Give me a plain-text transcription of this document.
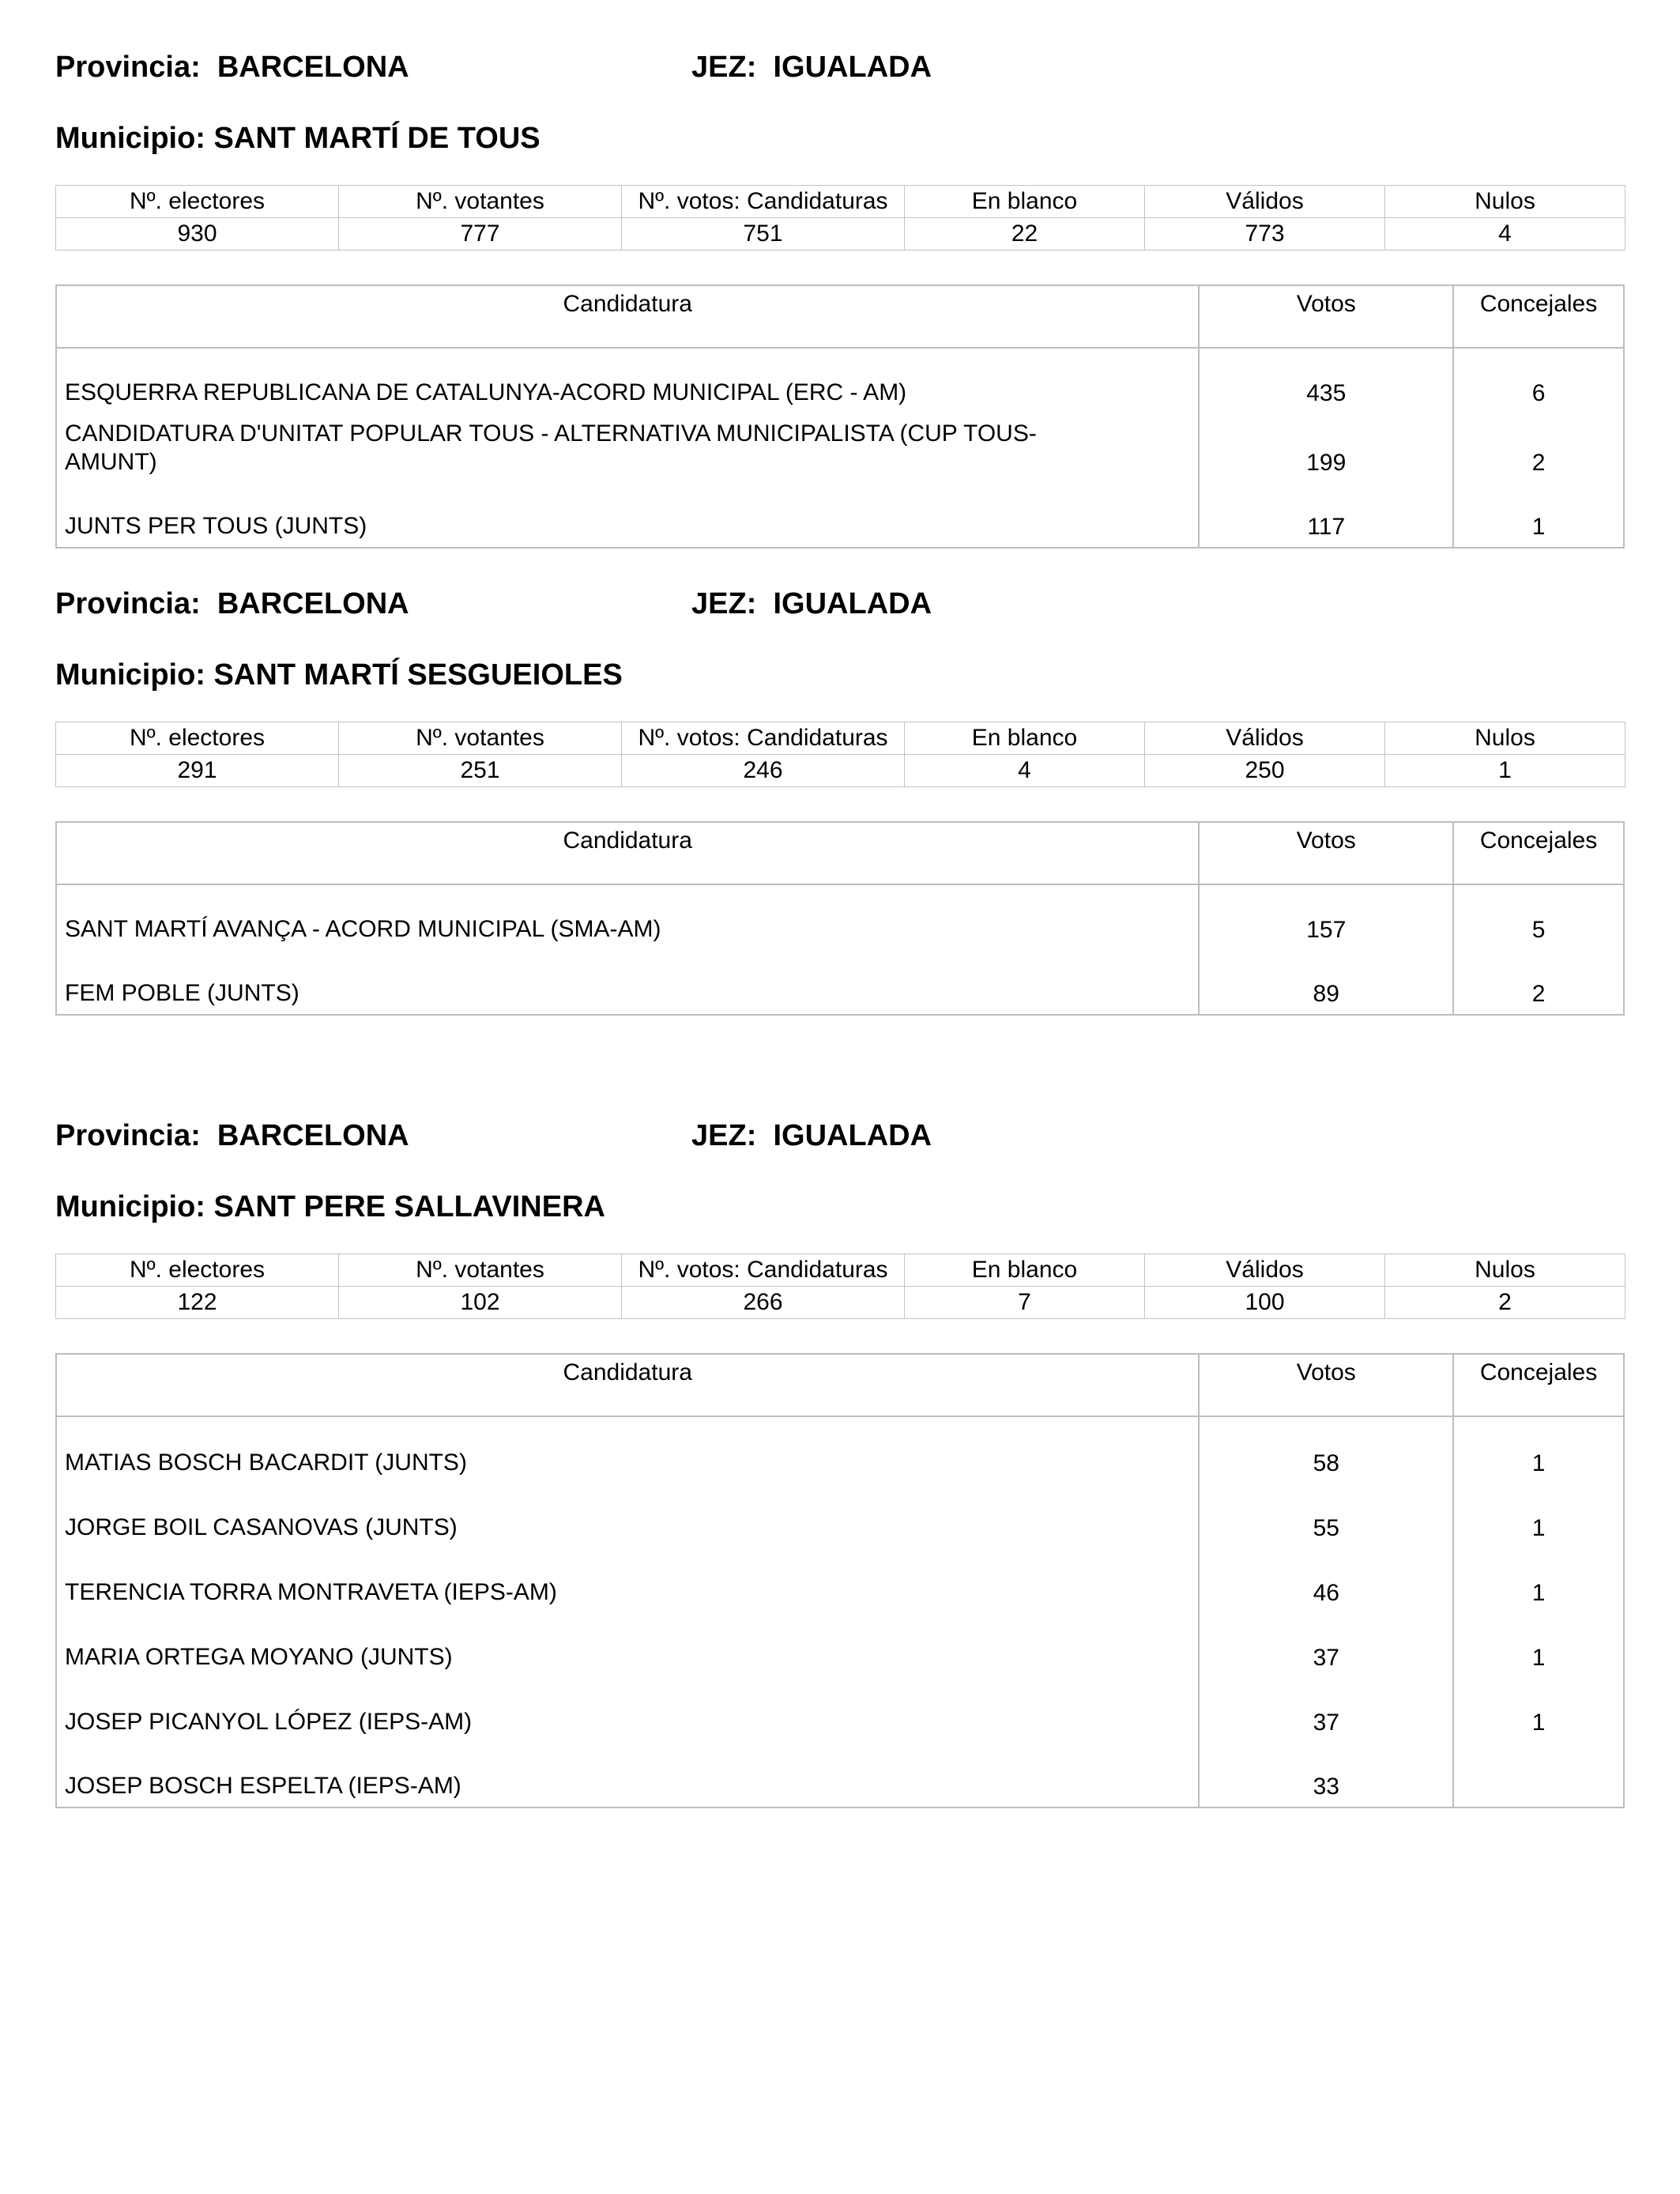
Provincia: BARCELONA	JEZ: IGUALADA
Municipio: SANT MARTÍ DE TOUS
Nº. electores	Nº. votantes	Nº. votos: Candidaturas	En blanco	Válidos	Nulos
930	777	751	22	773	4
Candidatura	Votos	Concejales

ESQUERRA REPUBLICANA DE CATALUNYA-ACORD MUNICIPAL (ERC - AM)	435	6
CANDIDATURA D'UNITAT POPULAR TOUS - ALTERNATIVA MUNICIPALISTA (CUP TOUS-AMUNT)	199	2
JUNTS PER TOUS (JUNTS)	117	1
Provincia: BARCELONA	JEZ: IGUALADA
Municipio: SANT MARTÍ SESGUEIOLES
Nº. electores	Nº. votantes	Nº. votos: Candidaturas	En blanco	Válidos	Nulos
291	251	246	4	250	1
Candidatura	Votos	Concejales

SANT MARTÍ AVANÇA - ACORD MUNICIPAL (SMA-AM)	157	5
FEM POBLE (JUNTS)	89	2
Provincia: BARCELONA	JEZ: IGUALADA
Municipio: SANT PERE SALLAVINERA
Nº. electores	Nº. votantes	Nº. votos: Candidaturas	En blanco	Válidos	Nulos
122	102	266	7	100	2
Candidatura	Votos	Concejales

MATIAS BOSCH BACARDIT (JUNTS)	58	1
JORGE BOIL CASANOVAS (JUNTS)	55	1
TERENCIA TORRA MONTRAVETA (IEPS-AM)	46	1
MARIA ORTEGA MOYANO (JUNTS)	37	1
JOSEP PICANYOL LÓPEZ (IEPS-AM)	37	1
JOSEP BOSCH ESPELTA (IEPS-AM)	33	
